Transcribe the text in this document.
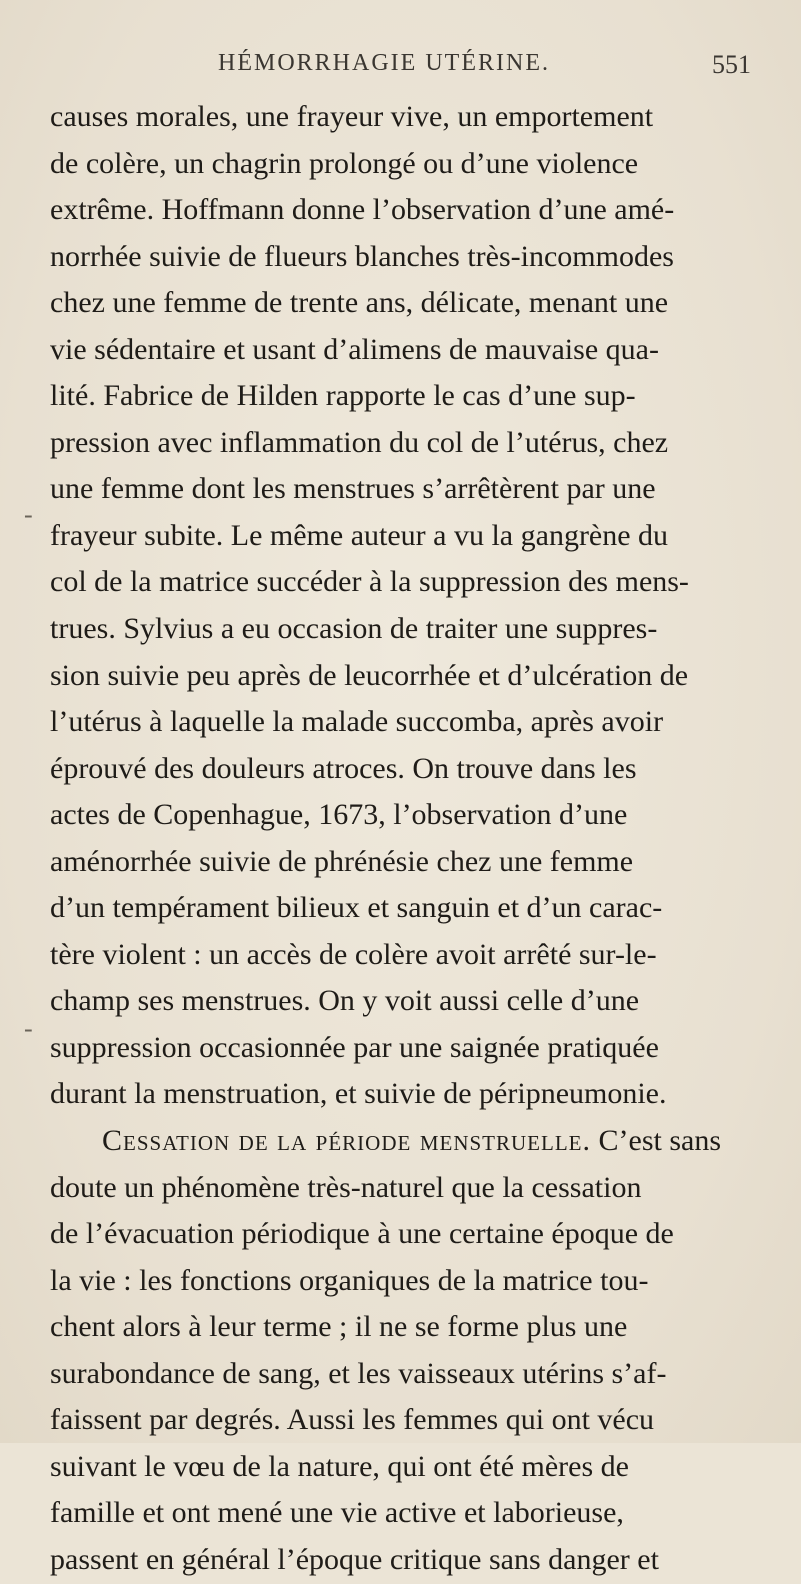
HÉMORRHAGIE UTÉRINE.	551
causes morales, une frayeur vive, un emportement
de colère, un chagrin prolongé ou d’une violence
extrême. Hoffmann donne l’observation d’une amé-
norrhée suivie de flueurs blanches très-incommodes
chez une femme de trente ans, délicate, menant une
vie sédentaire et usant d’alimens de mauvaise qua-
lité. Fabrice de Hilden rapporte le cas d’une sup-
pression avec inflammation du col de l’utérus, chez
une femme dont les menstrues s’arrêtèrent par une
frayeur subite. Le même auteur a vu la gangrène du
col de la matrice succéder à la suppression des mens-
trues. Sylvius a eu occasion de traiter une suppres-
sion suivie peu après de leucorrhée et d’ulcération de
l’utérus à laquelle la malade succomba, après avoir
éprouvé des douleurs atroces. On trouve dans les
actes de Copenhague, 1673, l’observation d’une
aménorrhée suivie de phrénésie chez une femme
d’un tempérament bilieux et sanguin et d’un carac-
tère violent : un accès de colère avoit arrêté sur-le-
champ ses menstrues. On y voit aussi celle d’une
suppression occasionnée par une saignée pratiquée
durant la menstruation, et suivie de péripneumonie.
Cessation de la période menstruelle. C’est sans
doute un phénomène très-naturel que la cessation
de l’évacuation périodique à une certaine époque de
la vie : les fonctions organiques de la matrice tou-
chent alors à leur terme ; il ne se forme plus une
surabondance de sang, et les vaisseaux utérins s’af-
faissent par degrés. Aussi les femmes qui ont vécu
suivant le vœu de la nature, qui ont été mères de
famille et ont mené une vie active et laborieuse,
passent en général l’époque critique sans danger et
-
-
